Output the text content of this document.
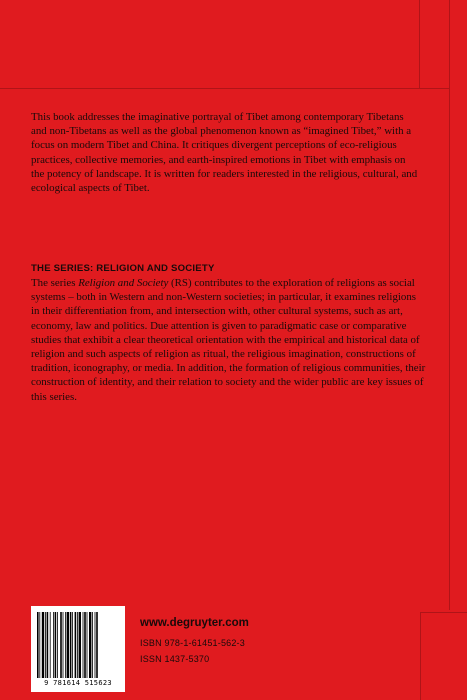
This book addresses the imaginative portrayal of Tibet among contemporary Tibetans and non-Tibetans as well as the global phenomenon known as “imagined Tibet,” with a focus on modern Tibet and China. It critiques divergent perceptions of eco-religious practices, collective memories, and earth-inspired emotions in Tibet with emphasis on the potency of landscape. It is written for readers interested in the religious, cultural, and ecological aspects of Tibet.

THE SERIES: RELIGION AND SOCIETY

The series Religion and Society (RS) contributes to the exploration of religions as social systems – both in Western and non-Western societies; in particular, it examines religions in their differentiation from, and intersection with, other cultural systems, such as art, economy, law and politics. Due attention is given to paradigmatic case or comparative studies that exhibit a clear theoretical orientation with the empirical and historical data of religion and such aspects of religion as ritual, the religious imagination, constructions of tradition, iconography, or media. In addition, the formation of religious communities, their construction of identity, and their relation to society and the wider public are key issues of this series.

9 781614 515623
www.degruyter.com
ISBN 978-1-61451-562-3
ISSN 1437-5370
